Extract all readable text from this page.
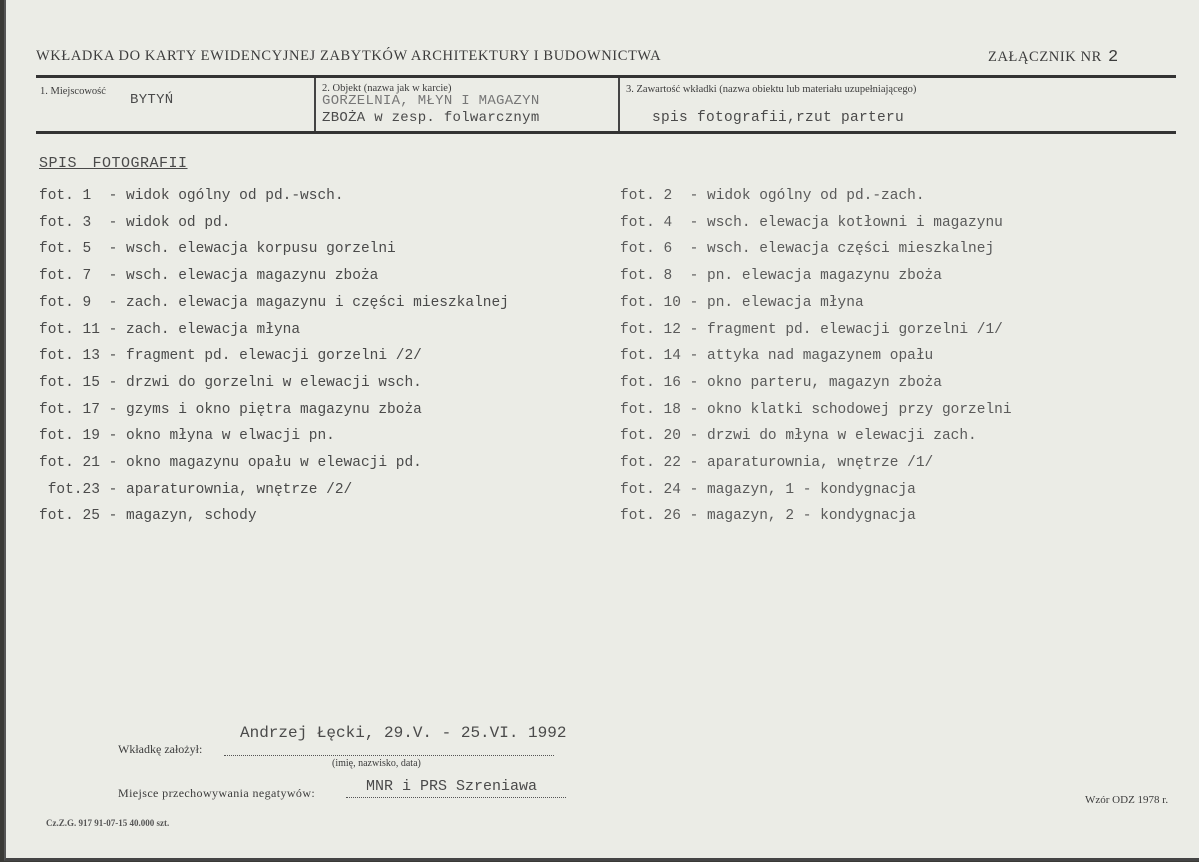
WKŁADKA DO KARTY EWIDENCYJNEJ ZABYTKÓW ARCHITEKTURY I BUDOWNICTWA	ZAŁĄCZNIK NR 2
1. Miejscowość
BYTYŃ
2. Objekt (nazwa jak w karcie)
GORZELNIA, MŁYN I MAGAZYN
ZBOŻA w zesp. folwarcznym
3. Zawartość wkładki (nazwa obiektu lub materiału uzupełniającego)
spis fotografii,rzut parteru
SPIS FOTOGRAFII
fot. 1  - widok ogólny od pd.-wsch.
fot. 3  - widok od pd.
fot. 5  - wsch. elewacja korpusu gorzelni
fot. 7  - wsch. elewacja magazynu zboża
fot. 9  - zach. elewacja magazynu i części mieszkalnej
fot. 11 - zach. elewacja młyna
fot. 13 - fragment pd. elewacji gorzelni /2/
fot. 15 - drzwi do gorzelni w elewacji wsch.
fot. 17 - gzyms i okno piętra magazynu zboża
fot. 19 - okno młyna w elwacji pn.
fot. 21 - okno magazynu opału w elewacji pd.
fot.23 - aparaturownia, wnętrze /2/
fot. 25 - magazyn, schody
fot. 2  - widok ogólny od pd.-zach.
fot. 4  - wsch. elewacja kotłowni i magazynu
fot. 6  - wsch. elewacja części mieszkalnej
fot. 8  - pn. elewacja magazynu zboża
fot. 10 - pn. elewacja młyna
fot. 12 - fragment pd. elewacji gorzelni /1/
fot. 14 - attyka nad magazynem opału
fot. 16 - okno parteru, magazyn zboża
fot. 18 - okno klatki schodowej przy gorzelni
fot. 20 - drzwi do młyna w elewacji zach.
fot. 22 - aparaturownia, wnętrze /1/
fot. 24 - magazyn, 1 - kondygnacja
fot. 26 - magazyn, 2 - kondygnacja
Andrzej Łęcki, 29.V. - 25.VI. 1992
Wkładkę założył:
(imię, nazwisko, data)
Miejsce przechowywania negatywów:	MNR i PRS Szreniawa
Cz.Z.G. 917 91-07-15 40.000 szt.
Wzór ODZ 1978 r.
